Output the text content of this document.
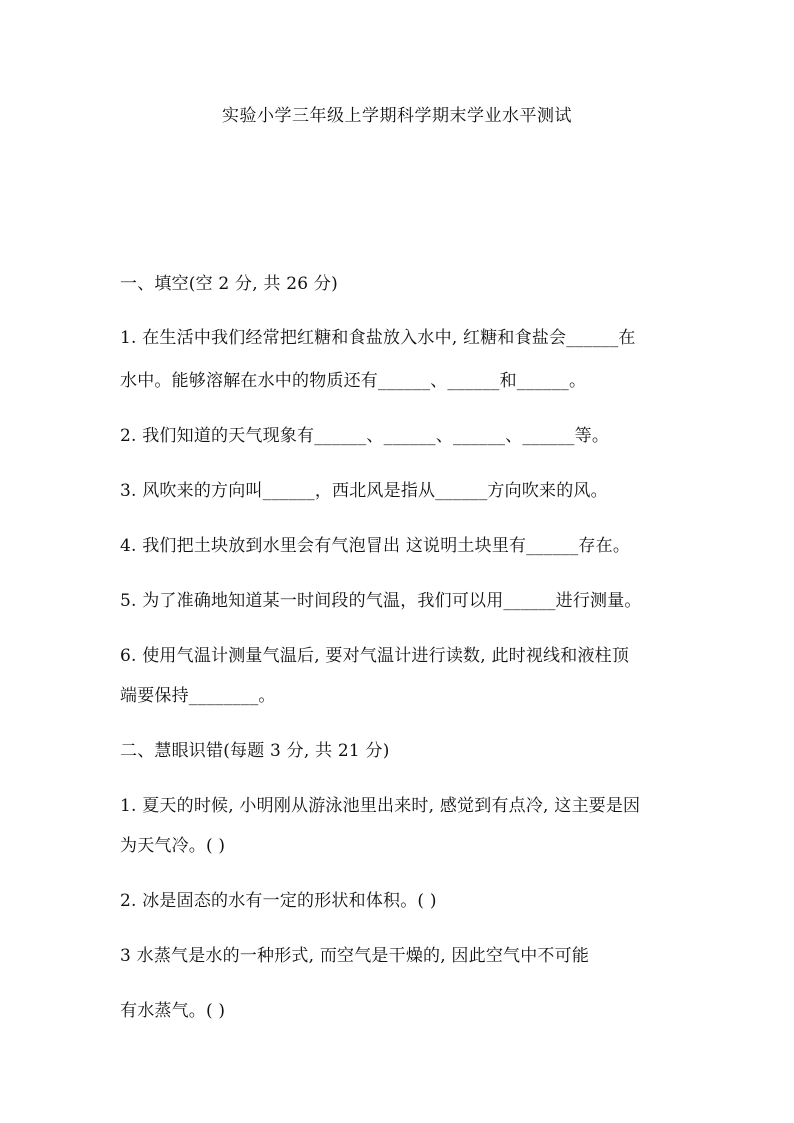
实验小学三年级上学期科学期末学业水平测试
一、填空(空 2 分, 共 26 分)
1. 在生活中我们经常把红糖和食盐放入水中, 红糖和食盐会______在
水中。能够溶解在水中的物质还有______、______和______。
2. 我们知道的天气现象有______、______、______、______等。
3. 风吹来的方向叫______，西北风是指从______方向吹来的风。
4. 我们把土块放到水里会有气泡冒出 这说明土块里有______存在。
5. 为了准确地知道某一时间段的气温，我们可以用______进行测量。
6. 使用气温计测量气温后, 要对气温计进行读数, 此时视线和液柱顶
端要保持________。
二、慧眼识错(每题 3 分, 共 21 分)
1. 夏天的时候, 小明刚从游泳池里出来时, 感觉到有点冷, 这主要是因
为天气冷。( )
2. 冰是固态的水有一定的形状和体积。( )
3 水蒸气是水的一种形式, 而空气是干燥的, 因此空气中不可能
有水蒸气。( )
